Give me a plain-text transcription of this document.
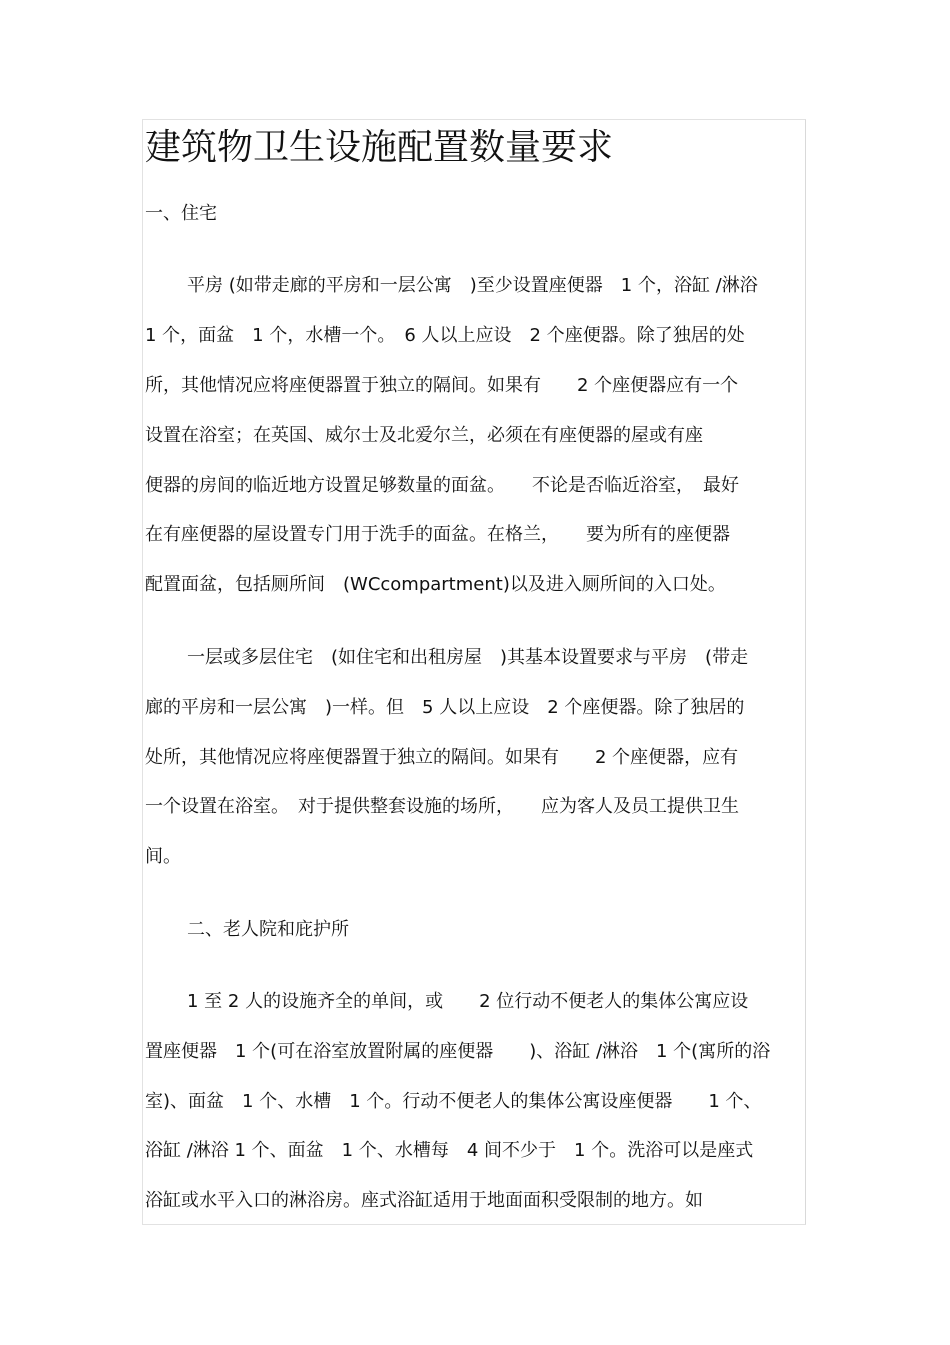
建筑物卫生设施配置数量要求

一、住宅

平房 (如带走廊的平房和一层公寓　)至少设置座便器　1 个，浴缸 /淋浴

1 个，面盆　1 个，水槽一个。　6 人以上应设　2 个座便器。除了独居的处

所，其他情况应将座便器置于独立的隔间。如果有　　2 个座便器应有一个

设置在浴室；在英国、威尔士及北爱尔兰，必须在有座便器的屋或有座

便器的房间的临近地方设置足够数量的面盆。　　不论是否临近浴室，　最好

在有座便器的屋设置专门用于洗手的面盆。在格兰，　　要为所有的座便器

配置面盆，包括厕所间　(WCcompartment)以及进入厕所间的入口处。

一层或多层住宅　(如住宅和出租房屋　)其基本设置要求与平房　(带走

廊的平房和一层公寓　)一样。但　5 人以上应设　2 个座便器。除了独居的

处所，其他情况应将座便器置于独立的隔间。如果有　　2 个座便器，应有

一个设置在浴室。　对于提供整套设施的场所，　　应为客人及员工提供卫生

间。

二、老人院和庇护所

1 至 2 人的设施齐全的单间，或　　2 位行动不便老人的集体公寓应设

置座便器　1 个(可在浴室放置附属的座便器　　)、浴缸 /淋浴　1 个(寓所的浴

室)、面盆　1 个、水槽　1 个。行动不便老人的集体公寓设座便器　　1 个、

浴缸 /淋浴 1 个、面盆　1 个、水槽每　4 间不少于　1 个。洗浴可以是座式

浴缸或水平入口的淋浴房。座式浴缸适用于地面面积受限制的地方。如
